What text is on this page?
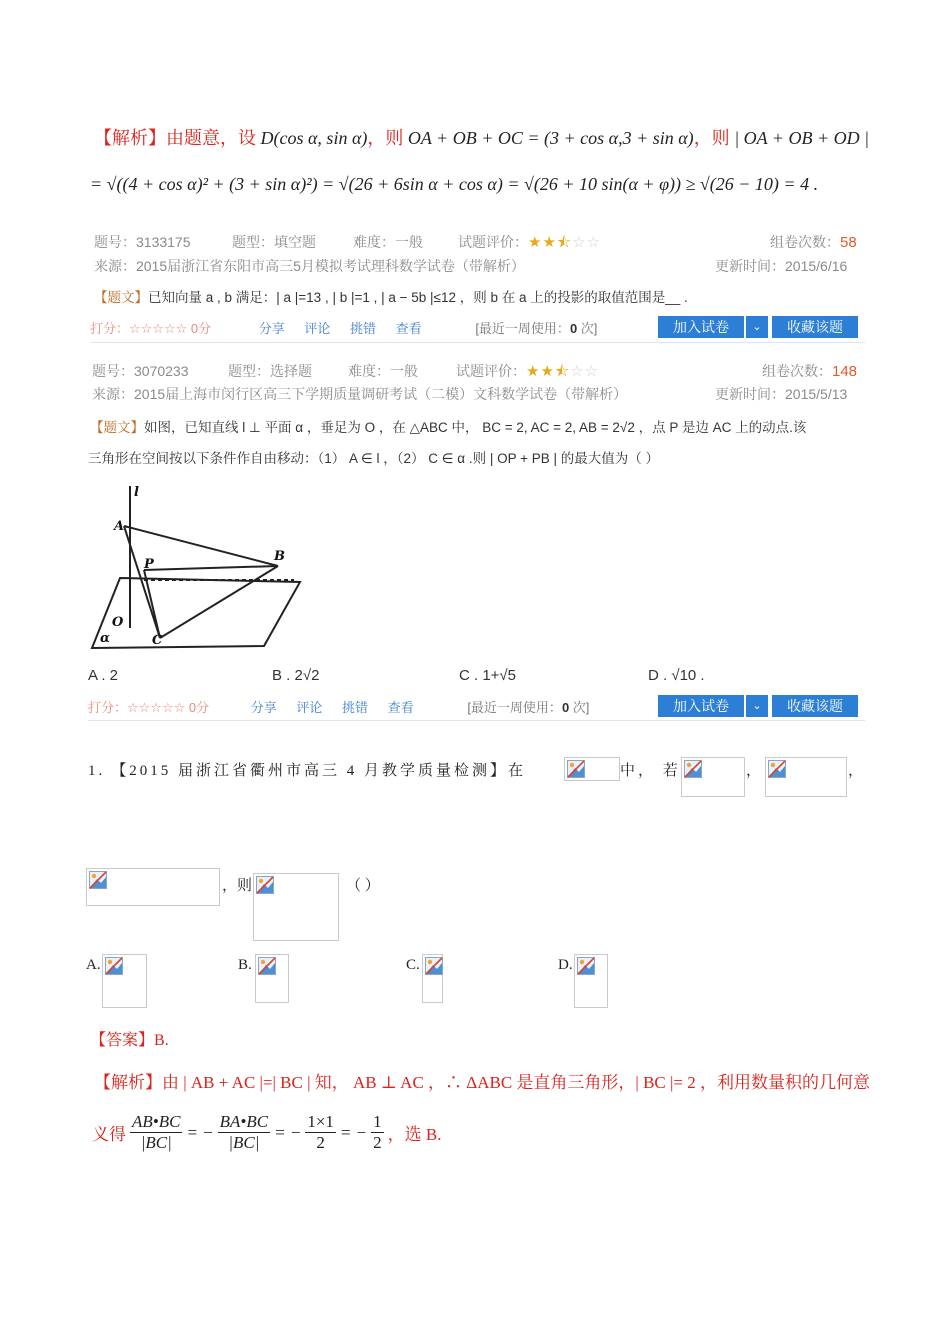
【解析】由题意，设 D(cos α, sin α)，则 OA + OB + OC = (3 + cos α,3 + sin α)，则 | OA + OB + OD |
= √((4 + cos α)² + (3 + sin α)²) = √(26 + 6sin α + cos α) = √(26 + 10 sin(α + φ)) ≥ √(26 − 10) = 4 .
题号：3133175	题型：填空题	难度：一般	试题评价：★★⯪☆☆	组卷次数：58
来源：2015届浙江省东阳市高三5月模拟考试理科数学试卷（带解析）	更新时间：2015/6/16
【题文】已知向量 a , b 满足：| a |=13 , | b |=1 , | a − 5b |≤12 ，则 b 在 a 上的投影的取值范围是__ .
打分：☆☆☆☆☆ 0分	分享 评论 挑错 查看	[最近一周使用：0 次]	加入试卷	⌄	收藏该题
题号：3070233	题型：选择题	难度：一般	试题评价：★★⯪☆☆	组卷次数：148
来源：2015届上海市闵行区高三下学期质量调研考试（二模）文科数学试卷（带解析）	更新时间：2015/5/13
【题文】如图，已知直线 l ⊥ 平面 α ，垂足为 O ，在 △ABC 中， BC = 2, AC = 2, AB = 2√2 ，点 P 是边 AC 上的动点.该
三角形在空间按以下条件作自由移动：（1） A ∈ l ，（2） C ∈ α .则 | OP + PB | 的最大值为（ ）
l
A
P
B
O
α	C
A . 2	B . 2√2	C . 1+√5	D . √10 .
打分：☆☆☆☆☆ 0分	分享 评论 挑错 查看	[最近一周使用：0 次]	加入试卷	⌄	收藏该题
1. 【2015 届浙江省衢州市高三 4 月教学质量检测】在	中， 若	，	，
，则	（ ）
A.	B.	C.	D.
【答案】B.
【解析】由 | AB + AC |=| BC | 知， AB ⊥ AC ，∴ ΔABC 是直角三角形，| BC |= 2 ，利用数量积的几何意
义得 $\frac{AB•BC}{|BC|}$ = − $\frac{BA•BC}{|BC|}$ = − $\frac{1\times 1}{2}$ = − $\frac{1}{2}$ ，选 B.
